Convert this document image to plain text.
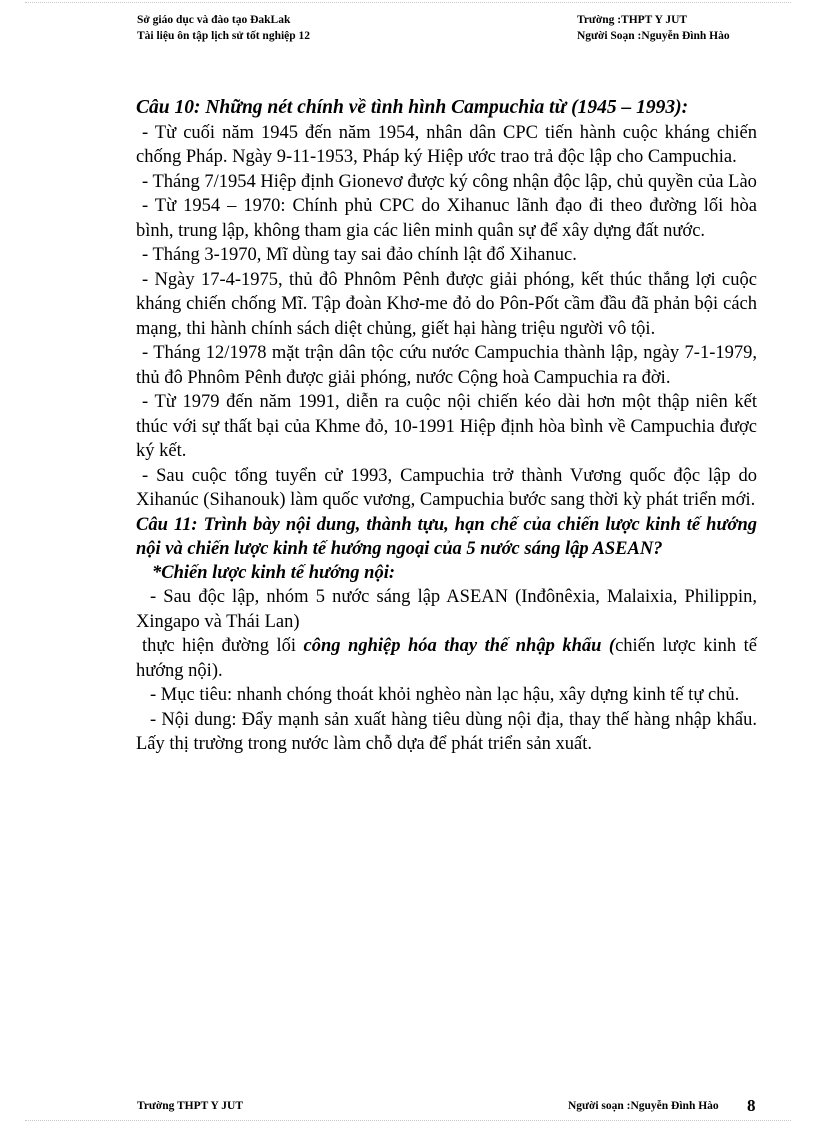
Sở giáo dục và đào tạo ĐakLak
Tài liệu ôn tập lịch sử tốt nghiệp 12
Trường :THPT Y JUT
Người Soạn :Nguyễn Đình Hào

Câu 10: Những nét chính về tình hình Campuchia từ (1945 – 1993):

- Từ cuối năm 1945 đến năm 1954, nhân dân CPC tiến hành cuộc kháng chiến chống Pháp. Ngày 9-11-1953, Pháp ký Hiệp ước trao trả độc lập cho Campuchia.

- Tháng 7/1954 Hiệp định Gionevơ được ký công nhận độc lập, chủ quyền của Lào

- Từ 1954 – 1970: Chính phủ CPC do Xihanuc lãnh đạo đi theo đường lối hòa bình, trung lập, không tham gia các liên minh quân sự để xây dựng đất nước.

- Tháng 3-1970, Mĩ dùng tay sai đảo chính lật đổ Xihanuc.

- Ngày 17-4-1975, thủ đô Phnôm Pênh được giải phóng, kết thúc thắng lợi cuộc kháng chiến chống Mĩ. Tập đoàn Khơ-me đỏ do Pôn-Pốt cầm đầu đã phản bội cách mạng, thi hành chính sách diệt chủng, giết hại hàng triệu người vô tội.

- Tháng 12/1978 mặt trận dân tộc cứu nước Campuchia thành lập, ngày 7-1-1979, thủ đô Phnôm Pênh được giải phóng, nước Cộng hoà Campuchia ra đời.

- Từ 1979 đến năm 1991, diễn ra cuộc nội chiến kéo dài hơn một thập niên kết thúc với sự thất bại của Khme đỏ, 10-1991 Hiệp định hòa bình về Campuchia được ký kết.

- Sau cuộc tổng tuyển cử 1993, Campuchia trở thành Vương quốc độc lập do Xihanúc (Sihanouk) làm quốc vương, Campuchia bước sang thời kỳ phát triển mới.

Câu 11: Trình bày nội dung, thành tựu, hạn chế của chiến lược kinh tế hướng nội và chiến lược kinh tế hướng ngoại của 5 nước sáng lập ASEAN?

*Chiến lược kinh tế hướng nội:

- Sau độc lập, nhóm 5 nước sáng lập ASEAN (Inđônêxia, Malaixia, Philippin, Xingapo và Thái Lan)

thực hiện đường lối công nghiệp hóa thay thế nhập khẩu (chiến lược kinh tế hướng nội).

- Mục tiêu: nhanh chóng thoát khỏi nghèo nàn lạc hậu, xây dựng kinh tế tự chủ.

- Nội dung: Đẩy mạnh sản xuất hàng tiêu dùng nội địa, thay thế hàng nhập khẩu. Lấy thị trường trong nước làm chỗ dựa để phát triển sản xuất.

Trường THPT Y JUT	Người soạn :Nguyễn Đình Hào 8
